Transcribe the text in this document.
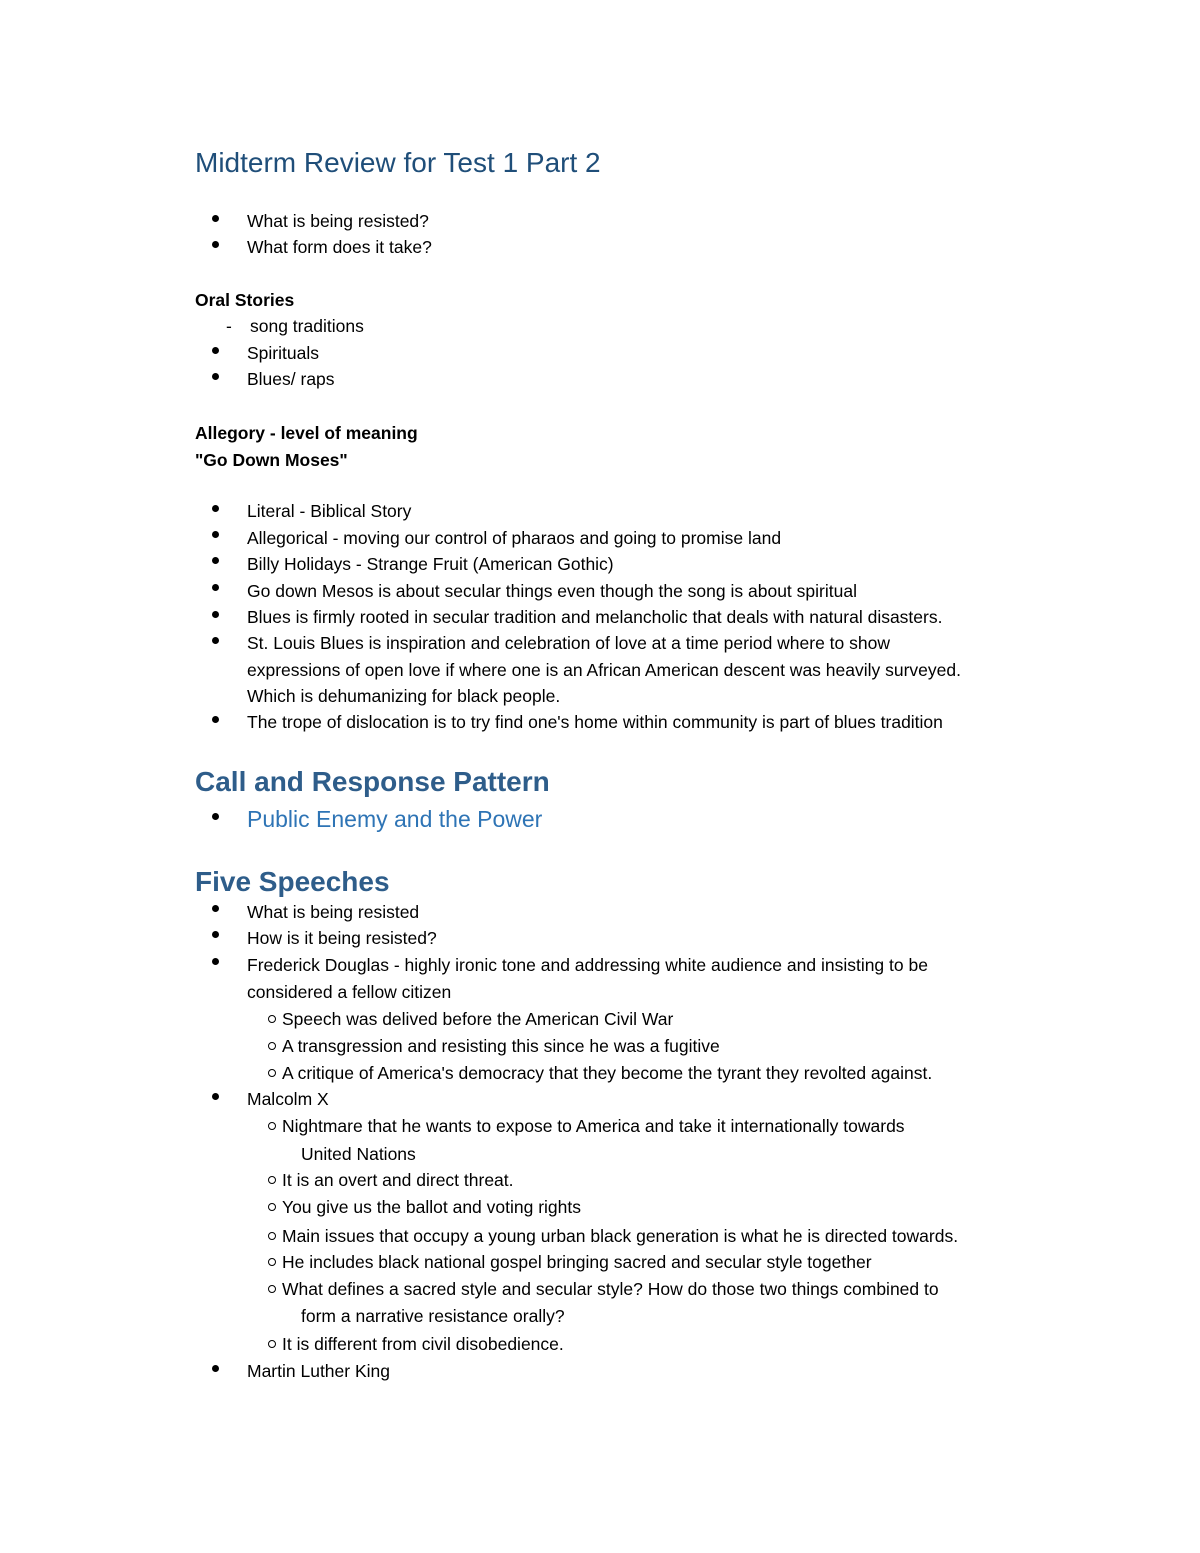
Midterm Review for Test 1 Part 2
What is being resisted?
What form does it take?
Oral Stories
- song traditions
Spirituals
Blues/ raps
Allegory - level of meaning
"Go Down Moses"
Literal - Biblical Story
Allegorical - moving our control of pharaos and going to promise land
Billy Holidays - Strange Fruit (American Gothic)
Go down Mesos is about secular things even though the song is about spiritual
Blues is firmly rooted in secular tradition and melancholic that deals with natural disasters.
St. Louis Blues is inspiration and celebration of love at a time period where to show
expressions of open love if where one is an African American descent was heavily surveyed.
Which is dehumanizing for black people.
The trope of dislocation is to try find one's home within community is part of blues tradition
Call and Response Pattern
Public Enemy and the Power
Five Speeches
What is being resisted
How is it being resisted?
Frederick Douglas - highly ironic tone and addressing white audience and insisting to be
considered a fellow citizen
Speech was delived before the American Civil War
A transgression and resisting this since he was a fugitive
A critique of America's democracy that they become the tyrant they revolted against.
Malcolm X
Nightmare that he wants to expose to America and take it internationally towards
United Nations
It is an overt and direct threat.
You give us the ballot and voting rights
Main issues that occupy a young urban black generation is what he is directed towards.
He includes black national gospel bringing sacred and secular style together
What defines a sacred style and secular style? How do those two things combined to
form a narrative resistance orally?
It is different from civil disobedience.
Martin Luther King
